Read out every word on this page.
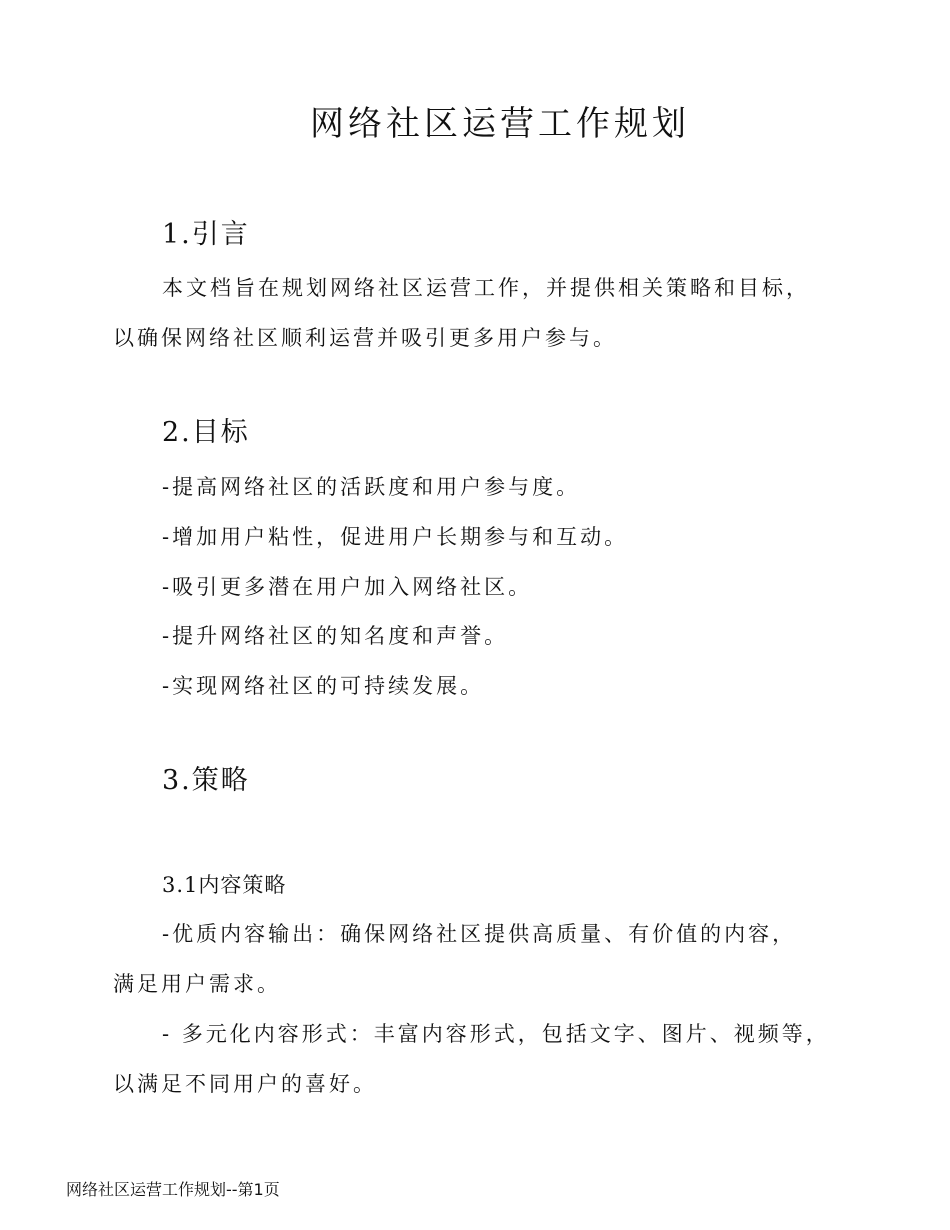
网络社区运营工作规划
1.引言
本文档旨在规划网络社区运营工作，并提供相关策略和目标，
以确保网络社区顺利运营并吸引更多用户参与。
2.目标
-提高网络社区的活跃度和用户参与度。
-增加用户粘性，促进用户长期参与和互动。
-吸引更多潜在用户加入网络社区。
-提升网络社区的知名度和声誉。
-实现网络社区的可持续发展。
3.策略
3.1内容策略
-优质内容输出：确保网络社区提供高质量、有价值的内容，
满足用户需求。
- 多元化内容形式：丰富内容形式，包括文字、图片、视频等，
以满足不同用户的喜好。
网络社区运营工作规划--第1页
